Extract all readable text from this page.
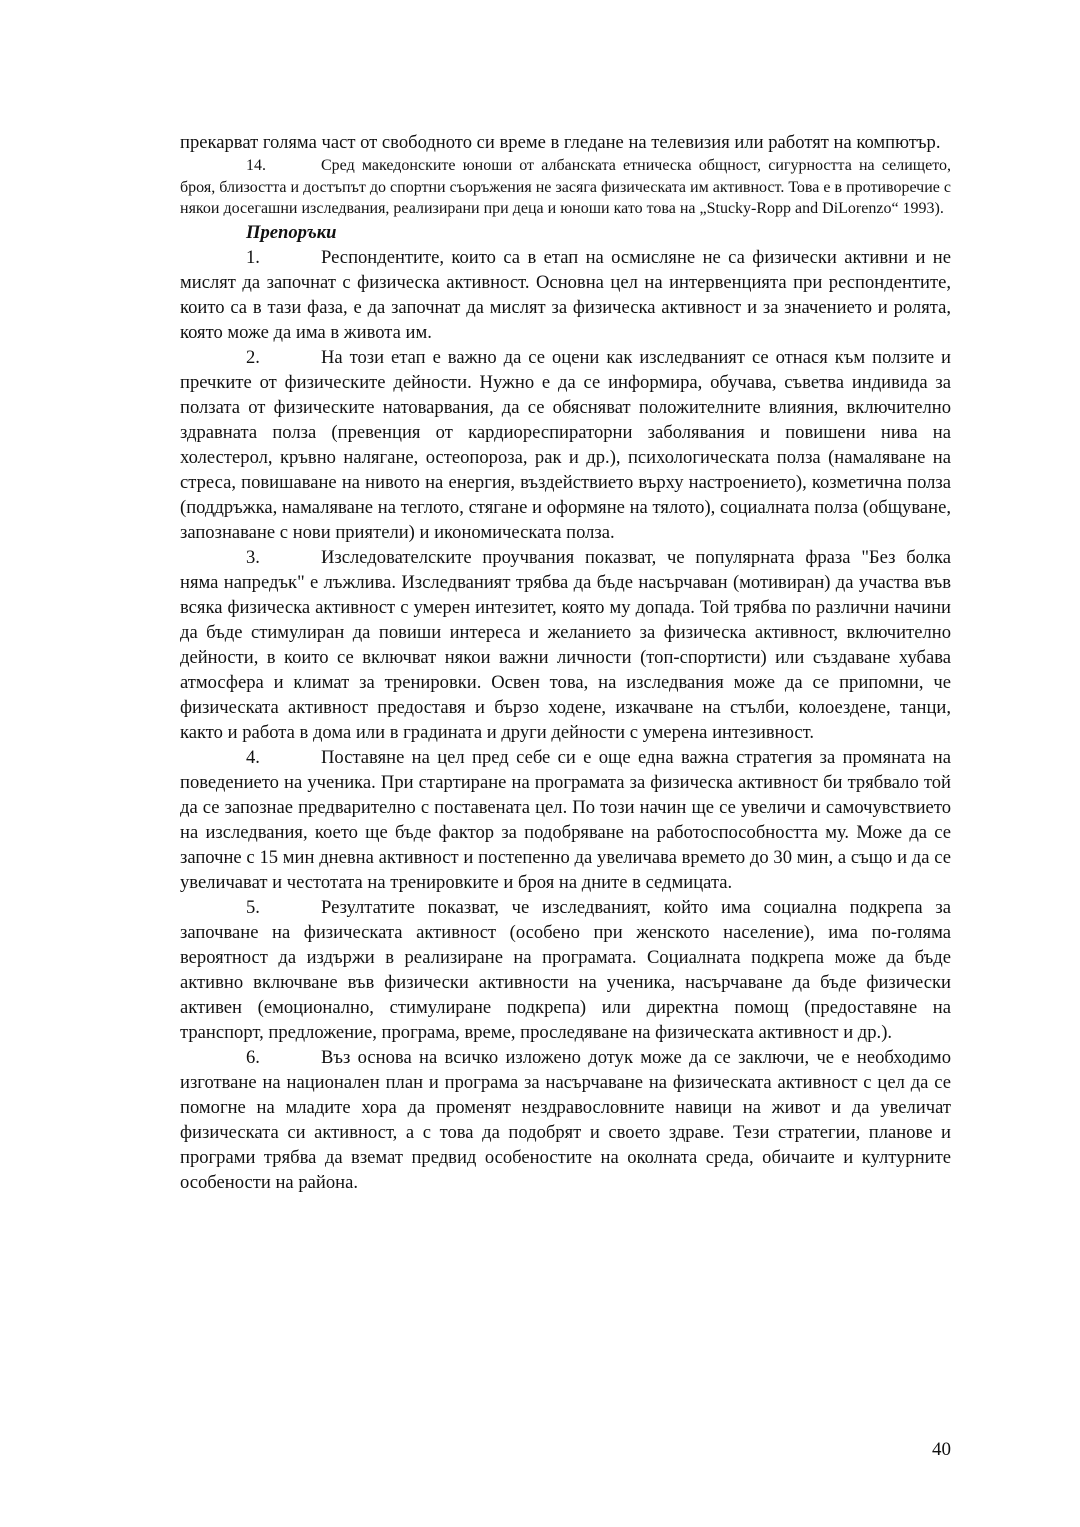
прекарват голяма част от свободното си време в гледане на телевизия или работят на компютър.

14.	Сред македонските юноши от албанската етническа общност, сигурността на селището, броя, близостта и достъпът до спортни съоръжения не засяга физическата им активност. Това е в противоречие с някои досегашни изследвания, реализирани при деца и юноши като това на „Stucky-Ropp and DiLorenzo“ 1993).

Препоръки

1.	Респондентите, които са в етап на осмисляне не са физически активни и не мислят да започнат с физическа активност. Основна цел на интервенцията при респондентите, които са в тази фаза, е да започнат да мислят за физическа активност и за значението и ролята, която може да има в живота им.

2.	На този етап е важно да се оцени как изследваният се отнася към ползите и пречките от физическите дейности. Нужно е да се информира, обучава, съветва индивида за ползата от физическите натоварвания, да се обясняват положителните влияния, включително здравната полза (превенция от кардиореспираторни заболявания и повишени нива на холестерол, кръвно налягане, остеопороза, рак и др.), психологическата полза (намаляване на стреса, повишаване на нивото на енергия, въздействието върху настроението), козметична полза (поддръжка, намаляване на теглото, стягане и оформяне на тялото), социалната полза (общуване, запознаване с нови приятели) и икономическата полза.

3.	Изследователските проучвания показват, че популярната фраза "Без болка няма напредък" е лъжлива. Изследваният трябва да бъде насърчаван (мотивиран) да участва във всяка физическа активност с умерен интезитет, която му допада. Той трябва по различни начини да бъде стимулиран да повиши интереса и желанието за физическа активност, включително дейности, в които се включват някои важни личности (топ-спортисти) или създаване хубава атмосфера и климат за тренировки. Освен това, на изследвания може да се припомни, че физическата активност предоставя и бързо ходене, изкачване на стълби, колоездене, танци, както и работа в дома или в градината и други дейности с умерена интезивност.

4.	Поставяне на цел пред себе си е още една важна стратегия за промяната на поведението на ученика. При стартиране на програмата за физическа активност би трябвало той да се запознае предварително с поставената цел. По този начин ще се увеличи и самочувствието на изследвания, което ще бъде фактор за подобряване на работоспособността му. Може да се започне с 15 мин дневна активност и постепенно да увеличава времето до 30 мин, а също и да се увеличават и честотата на тренировките и броя на дните в седмицата.

5.	Резултатите показват, че изследваният, който има социална подкрепа за започване на физическата активност (особено при женското население), има по-голяма вероятност да издържи в реализиране на програмата. Социалната подкрепа може да бъде активно включване във физически активности на ученика, насърчаване да бъде физически активен (емоционално, стимулиране подкрепа) или директна помощ (предоставяне на транспорт, предложение, програма, време, проследяване на физическата активност и др.).

6.	Въз основа на всичко изложено дотук може да се заключи, че е необходимо изготване на национален план и програма за насърчаване на физическата активност с цел да се помогне на младите хора да променят нездравословните навици на живот и да увеличат физическата си активност, а с това да подобрят и своето здраве. Тези стратегии, планове и програми трябва да вземат предвид особеностите на околната среда, обичаите и културните особености на района.

40
